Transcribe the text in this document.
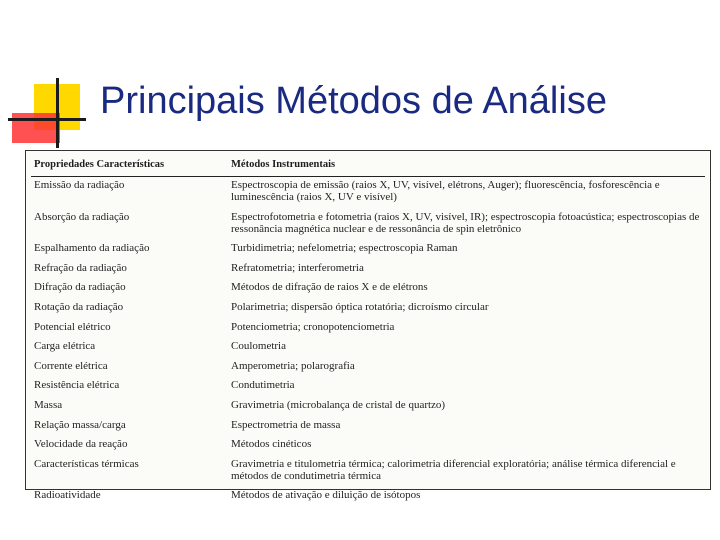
Principais Métodos de Análise
Propriedades Características	Métodos Instrumentais
Emissão da radiação	Espectroscopia de emissão (raios X, UV, visível, elétrons, Auger); fluorescência, fosforescência e luminescência (raios X, UV e visível)
Absorção da radiação	Espectrofotometria e fotometria (raios X, UV, visível, IR); espectroscopia fotoacústica; espectroscopias de ressonância magnética nuclear e de ressonância de spin eletrônico
Espalhamento da radiação	Turbidimetria; nefelometria; espectroscopia Raman
Refração da radiação	Refratometria; interferometria
Difração da radiação	Métodos de difração de raios X e de elétrons
Rotação da radiação	Polarimetria; dispersão óptica rotatória; dicroísmo circular
Potencial elétrico	Potenciometria; cronopotenciometria
Carga elétrica	Coulometria
Corrente elétrica	Amperometria; polarografia
Resistência elétrica	Condutimetria
Massa	Gravimetria (microbalança de cristal de quartzo)
Relação massa/carga	Espectrometria de massa
Velocidade da reação	Métodos cinéticos
Características térmicas	Gravimetria e titulometria térmica; calorimetria diferencial exploratória; análise térmica diferencial e métodos de condutimetria térmica
Radioatividade	Métodos de ativação e diluição de isótopos
